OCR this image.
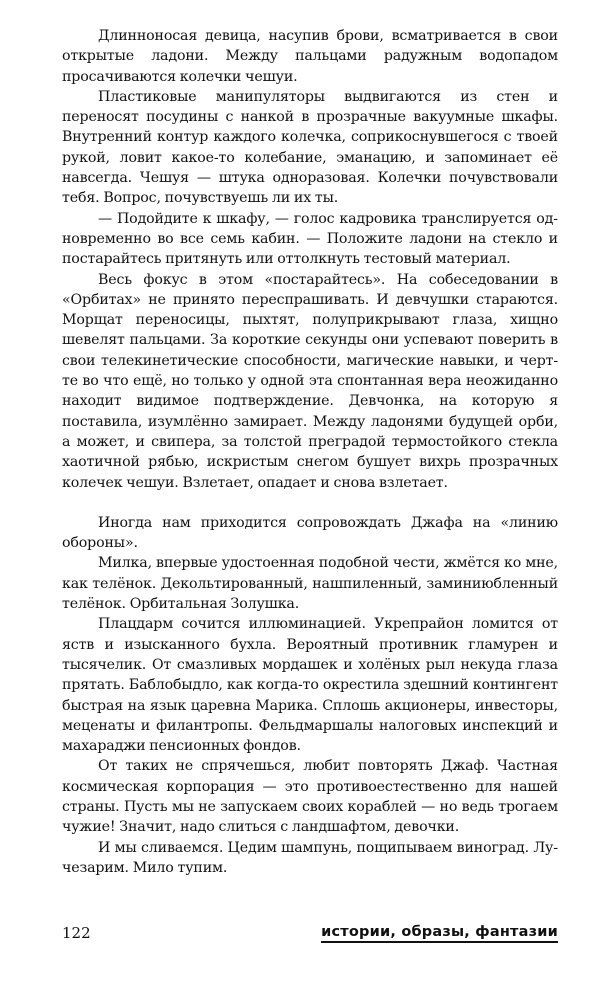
Длинноносая девица, насупив брови, всматривается в свои открытые ладони. Между пальцами радужным водопадом просачиваются колечки чешуи.

Пластиковые манипуляторы выдвигаются из стен и переносят посудины с нанкой в прозрачные вакуумные шкафы. Внутренний контур каждого колечка, соприкоснувшегося с твоей рукой, ловит какое-то колебание, эманацию, и запоминает её навсегда. Чешуя — штука одноразовая. Колечки почувствовали тебя. Вопрос, почувствуешь ли их ты.

— Подойдите к шкафу, — голос кадровика транслируется одновременно во все семь кабин. — Положите ладони на стекло и постарайтесь притянуть или оттолкнуть тестовый материал.

Весь фокус в этом «постарайтесь». На собеседовании в «Орбитах» не принято переспрашивать. И девчушки стараются. Морщат переносицы, пыхтят, полуприкрывают глаза, хищно шевелят пальцами. За короткие секунды они успевают поверить в свои телекинетические способности, магические навыки, и черт-те во что ещё, но только у одной эта спонтанная вера неожиданно находит видимое подтверждение. Девчонка, на которую я поставила, изумлённо замирает. Между ладонями будущей орби, а может, и свипера, за толстой преградой термостойкого стекла хаотичной рябью, искристым снегом бушует вихрь прозрачных колечек чешуи. Взлетает, опадает и снова взлетает.

Иногда нам приходится сопровождать Джафа на «линию обороны».

Милка, впервые удостоенная подобной чести, жмётся ко мне, как телёнок. Декольтированный, нашпиленный, заминиюбленный телёнок. Орбитальная Золушка.

Плацдарм сочится иллюминацией. Укрепрайон ломится от яств и изысканного бухла. Вероятный противник гламурен и тысячелик. От смазливых мордашек и холёных рыл некуда глаза прятать. Баблобыдло, как когда-то окрестила здешний контингент быстрая на язык царевна Марика. Сплошь акционеры, инвесторы, меценаты и филантропы. Фельдмаршалы налоговых инспекций и махараджи пенсионных фондов.

От таких не спрячешься, любит повторять Джаф. Частная космическая корпорация — это противоестественно для нашей страны. Пусть мы не запускаем своих кораблей — но ведь трогаем чужие! Значит, надо слиться с ландшафтом, девочки.

И мы сливаемся. Цедим шампунь, пощипываем виноград. Лучезарим. Мило тупим.

122	истории, образы, фантазии
